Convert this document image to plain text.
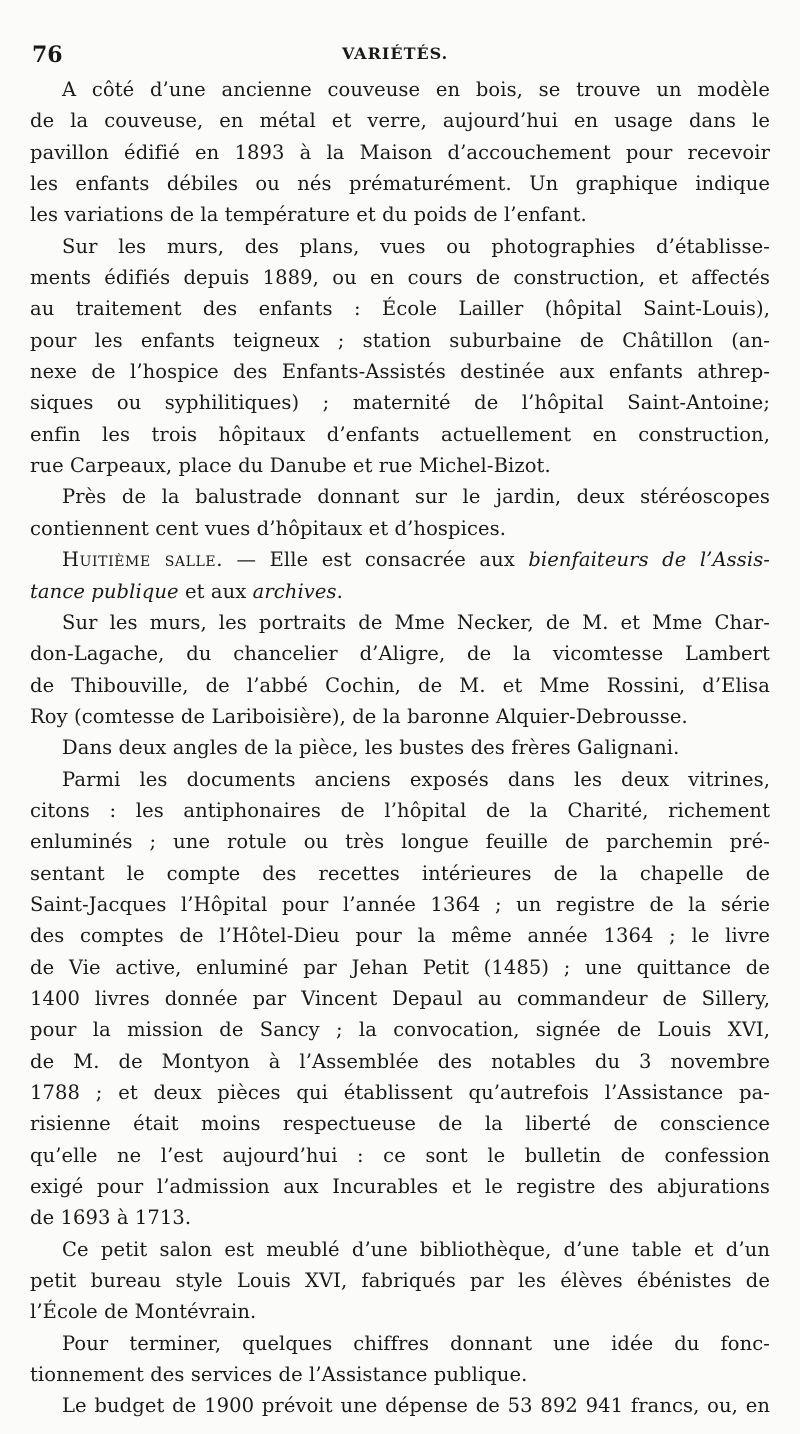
76	VARIÉTÉS.
A côté d’une ancienne couveuse en bois, se trouve un modèle
de la couveuse, en métal et verre, aujourd’hui en usage dans le
pavillon édifié en 1893 à la Maison d’accouchement pour recevoir
les enfants débiles ou nés prématurément. Un graphique indique
les variations de la température et du poids de l’enfant.
Sur les murs, des plans, vues ou photographies d’établisse-
ments édifiés depuis 1889, ou en cours de construction, et affectés
au traitement des enfants : École Lailler (hôpital Saint-Louis),
pour les enfants teigneux ; station suburbaine de Châtillon (an-
nexe de l’hospice des Enfants-Assistés destinée aux enfants athrep-
siques ou syphilitiques) ; maternité de l’hôpital Saint-Antoine;
enfin les trois hôpitaux d’enfants actuellement en construction,
rue Carpeaux, place du Danube et rue Michel-Bizot.
Près de la balustrade donnant sur le jardin, deux stéréoscopes
contiennent cent vues d’hôpitaux et d’hospices.
Huitième salle. — Elle est consacrée aux bienfaiteurs de l’Assis-
tance publique et aux archives.
Sur les murs, les portraits de Mme Necker, de M. et Mme Char-
don-Lagache, du chancelier d’Aligre, de la vicomtesse Lambert
de Thibouville, de l’abbé Cochin, de M. et Mme Rossini, d’Elisa
Roy (comtesse de Lariboisière), de la baronne Alquier-Debrousse.
Dans deux angles de la pièce, les bustes des frères Galignani.
Parmi les documents anciens exposés dans les deux vitrines,
citons : les antiphonaires de l’hôpital de la Charité, richement
enluminés ; une rotule ou très longue feuille de parchemin pré-
sentant le compte des recettes intérieures de la chapelle de
Saint-Jacques l’Hôpital pour l’année 1364 ; un registre de la série
des comptes de l’Hôtel-Dieu pour la même année 1364 ; le livre
de Vie active, enluminé par Jehan Petit (1485) ; une quittance de
1400 livres donnée par Vincent Depaul au commandeur de Sillery,
pour la mission de Sancy ; la convocation, signée de Louis XVI,
de M. de Montyon à l’Assemblée des notables du 3 novembre
1788 ; et deux pièces qui établissent qu’autrefois l’Assistance pa-
risienne était moins respectueuse de la liberté de conscience
qu’elle ne l’est aujourd’hui : ce sont le bulletin de confession
exigé pour l’admission aux Incurables et le registre des abjurations
de 1693 à 1713.
Ce petit salon est meublé d’une bibliothèque, d’une table et d’un
petit bureau style Louis XVI, fabriqués par les élèves ébénistes de
l’École de Montévrain.
Pour terminer, quelques chiffres donnant une idée du fonc-
tionnement des services de l’Assistance publique.
Le budget de 1900 prévoit une dépense de 53 892 941 francs, ou, en
